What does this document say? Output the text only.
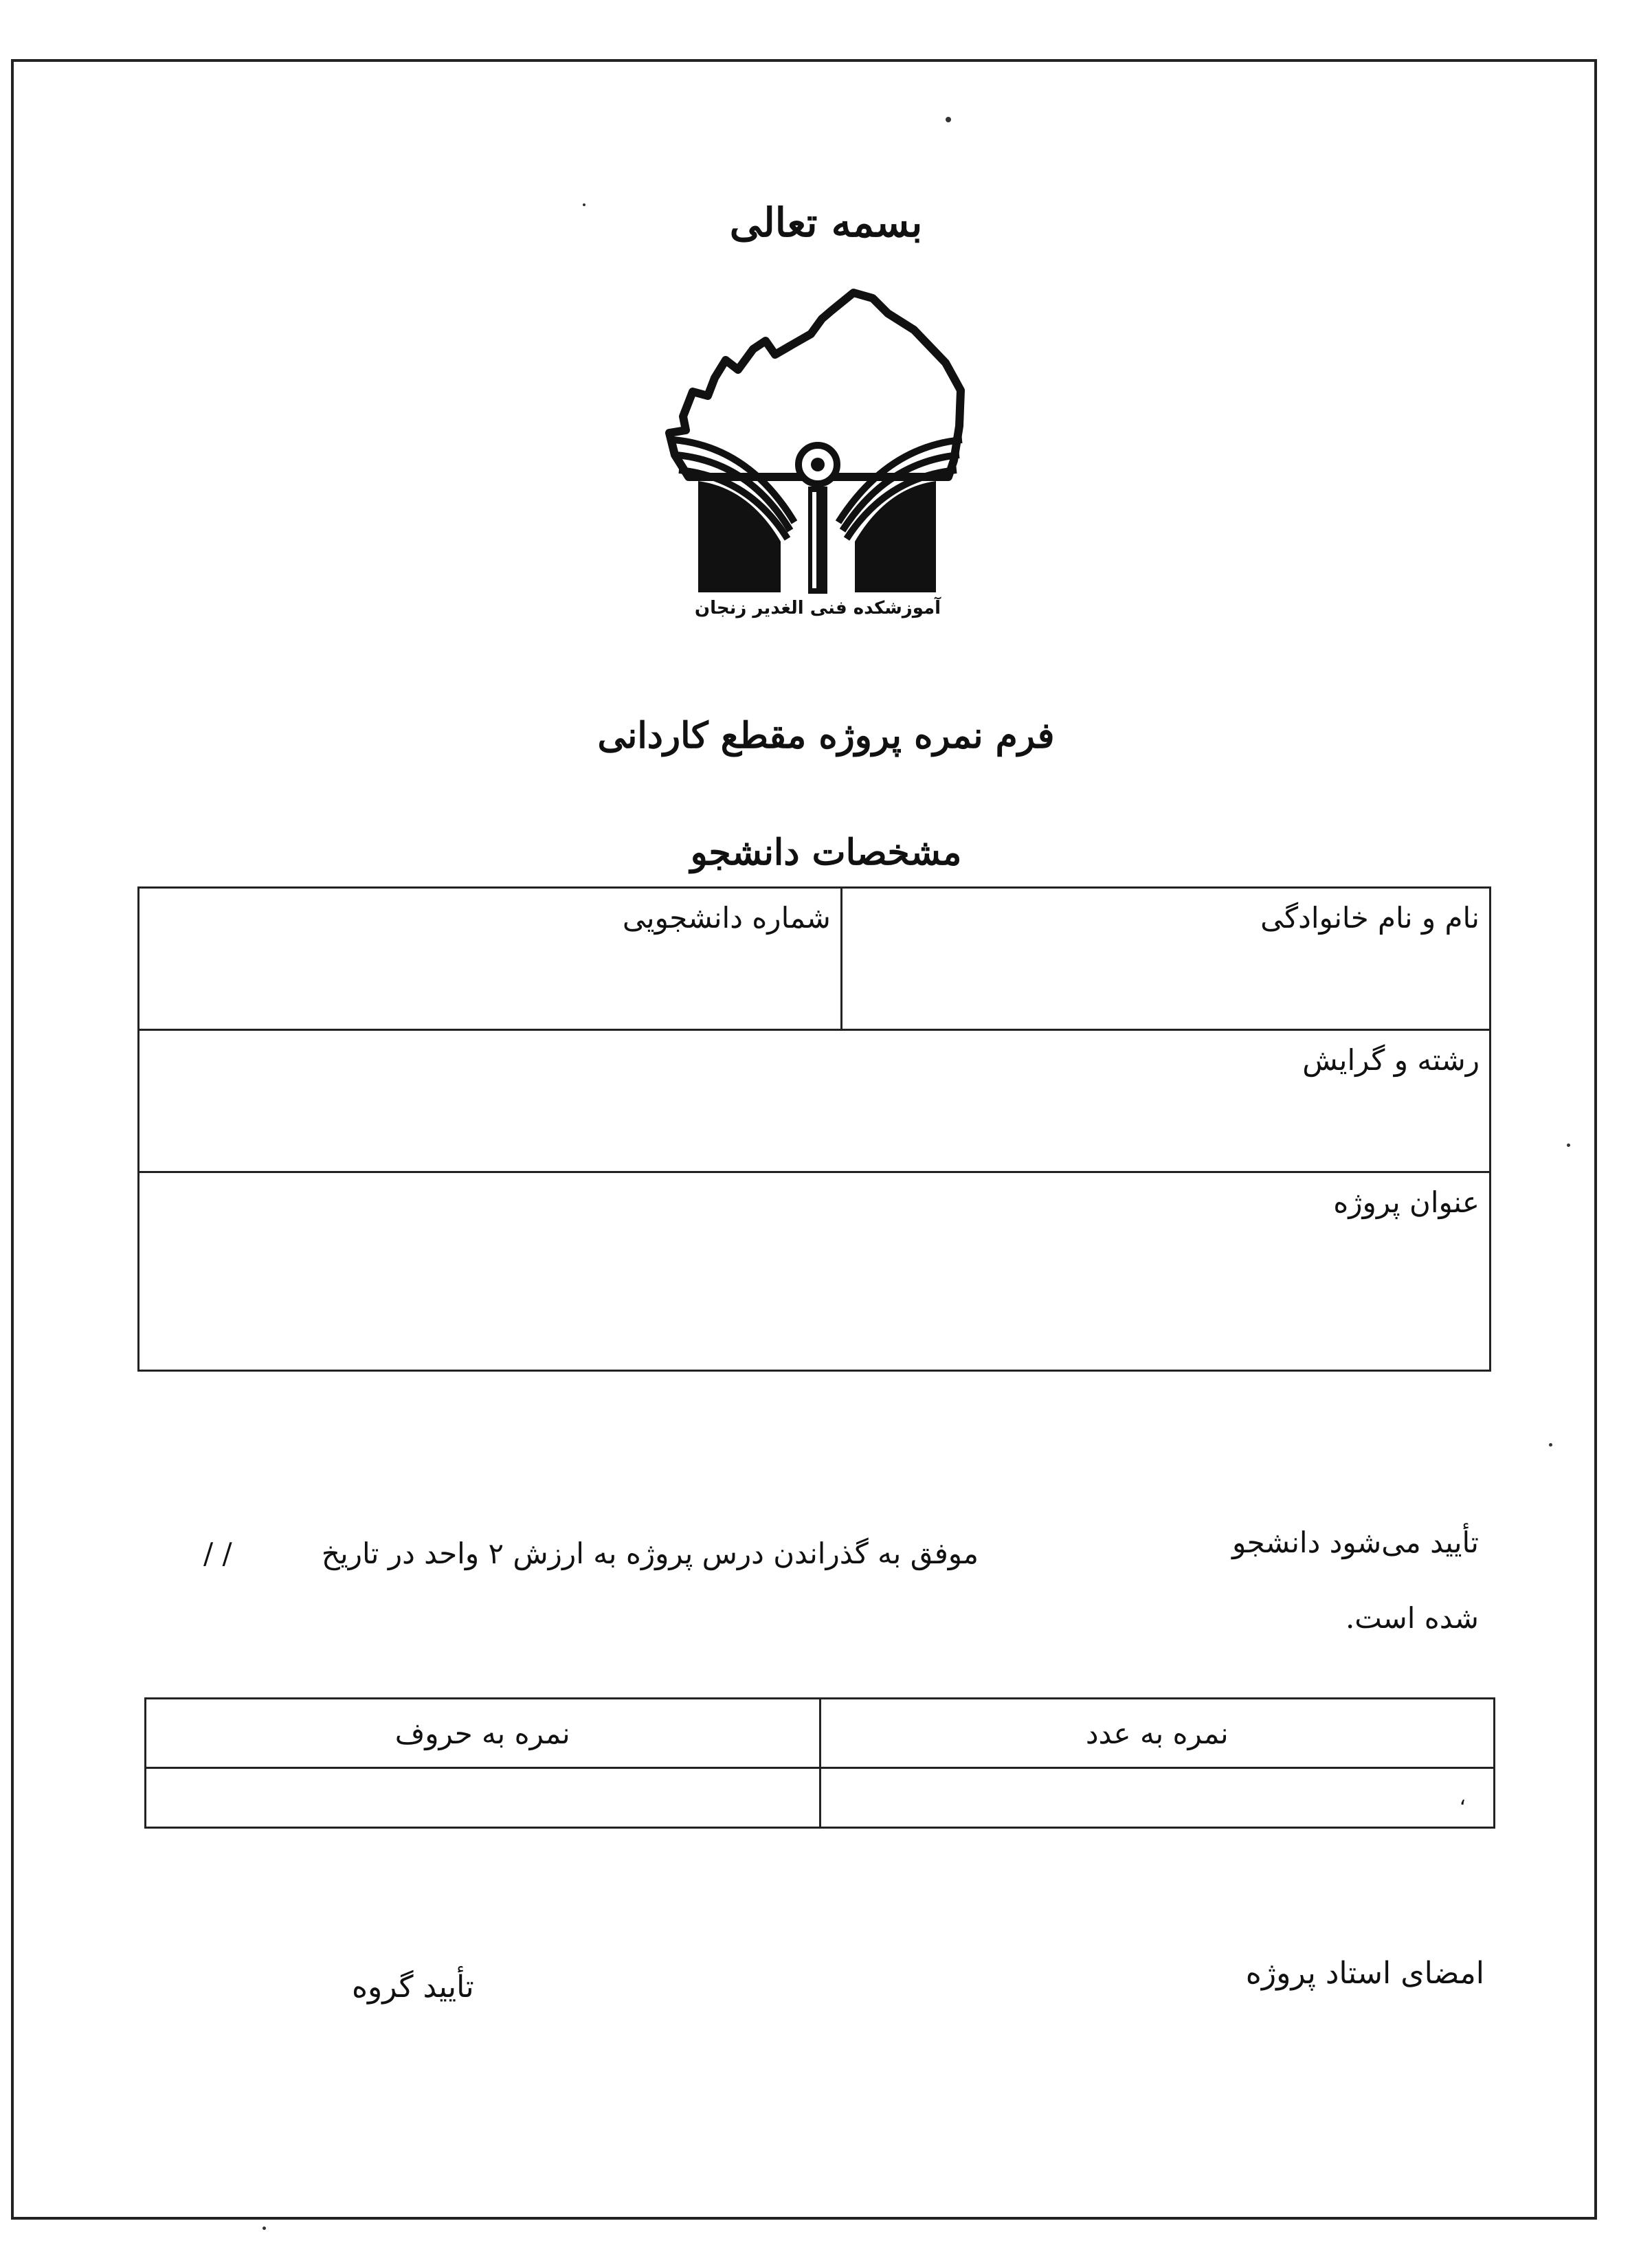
بسمه تعالی
آموزشکده فنی الغدیر زنجان
فرم نمره پروژه مقطع کاردانی
مشخصات دانشجو
نام و نام خانوادگی	شماره دانشجویی
رشته و گرایش
عنوان پروژه
تأیید می‌شود دانشجو
موفق به گذراندن درس پروژه به ارزش ۲ واحد در تاریخ
/ /
شده است.
نمره به عدد	نمره به حروف
،	
امضای استاد پروژه
تأیید گروه
